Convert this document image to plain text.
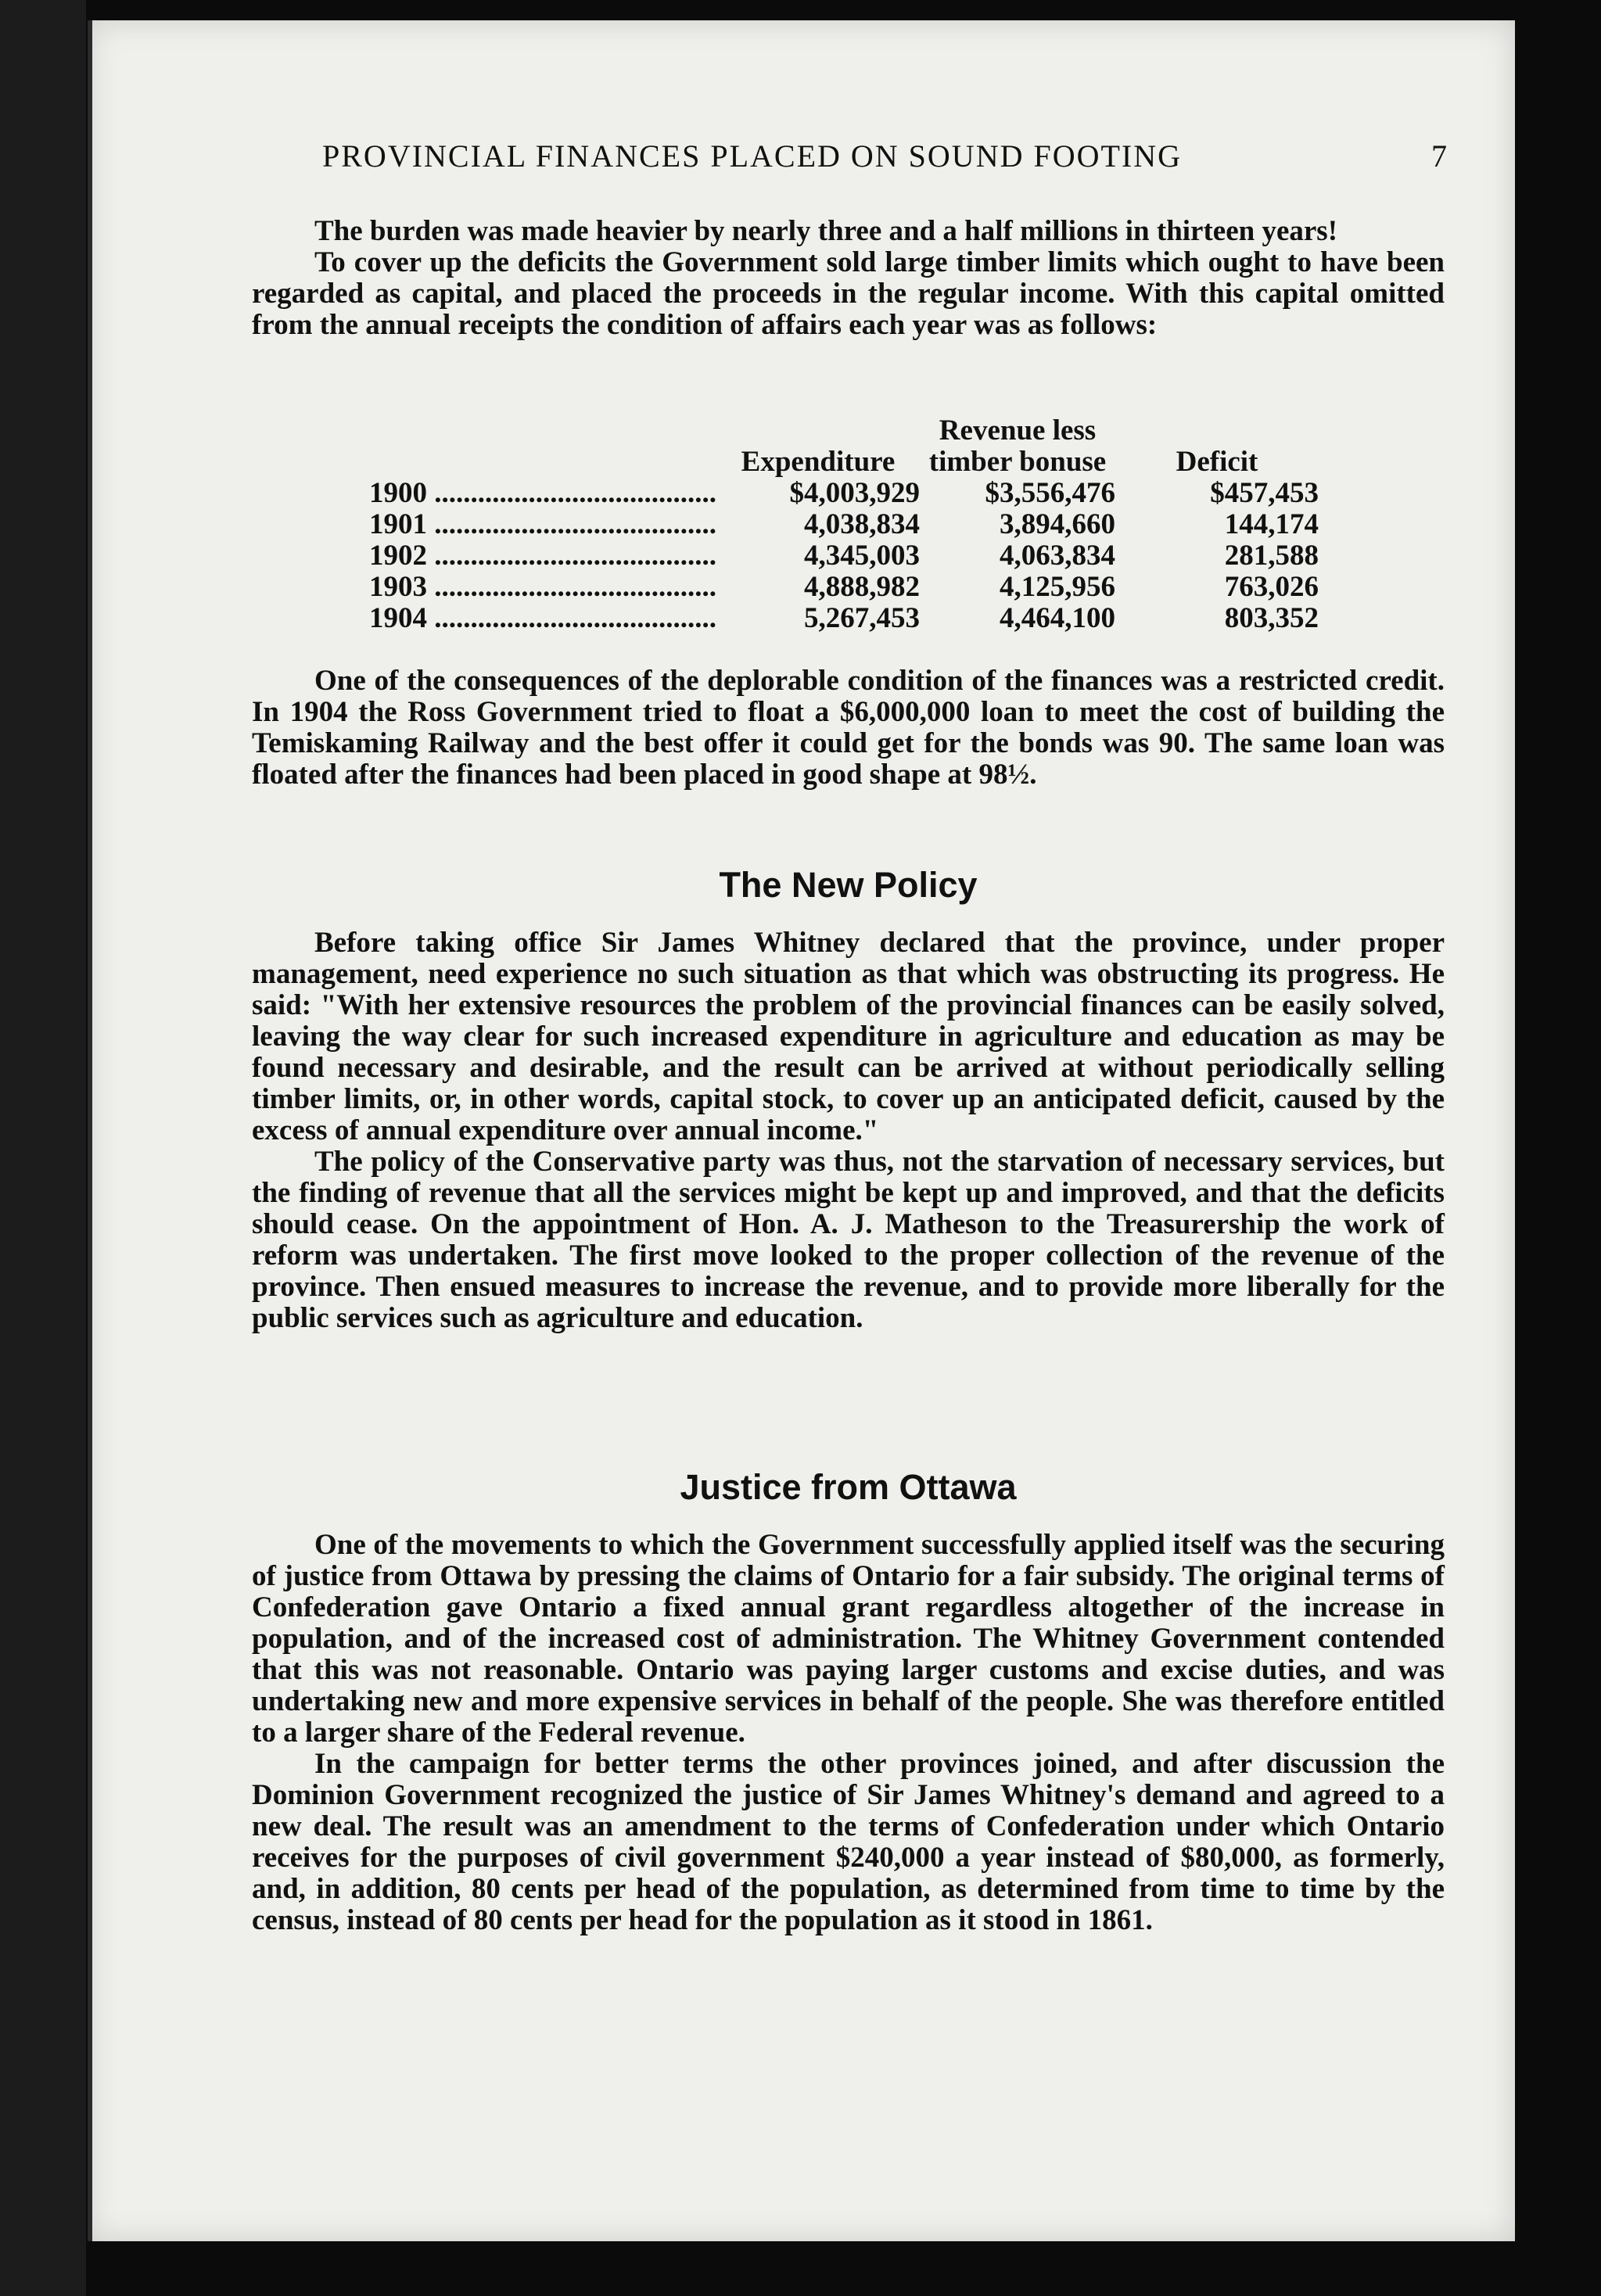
PROVINCIAL FINANCES PLACED ON SOUND FOOTING	7

The burden was made heavier by nearly three and a half millions in thirteen years!

To cover up the deficits the Government sold large timber limits which ought to have been regarded as capital, and placed the proceeds in the regular income. With this capital omitted from the annual receipts the condition of affairs each year was as follows:

	Expenditure	Revenue less timber bonuse	Deficit
1900 .....	$4,003,929	$3,556,476	$457,453
1901 .....	4,038,834	3,894,660	144,174
1902 .....	4,345,003	4,063,834	281,588
1903 .....	4,888,982	4,125,956	763,026
1904 .....	5,267,453	4,464,100	803,352

One of the consequences of the deplorable condition of the finances was a restricted credit. In 1904 the Ross Government tried to float a $6,000,000 loan to meet the cost of building the Temiskaming Railway and the best offer it could get for the bonds was 90. The same loan was floated after the finances had been placed in good shape at 98½.

The New Policy

Before taking office Sir James Whitney declared that the province, under proper management, need experience no such situation as that which was obstructing its progress. He said: "With her extensive resources the problem of the provincial finances can be easily solved, leaving the way clear for such increased expenditure in agriculture and education as may be found necessary and desirable, and the result can be arrived at without periodically selling timber limits, or, in other words, capital stock, to cover up an anticipated deficit, caused by the excess of annual expenditure over annual income."

The policy of the Conservative party was thus, not the starvation of necessary services, but the finding of revenue that all the services might be kept up and improved, and that the deficits should cease. On the appointment of Hon. A. J. Matheson to the Treasurership the work of reform was undertaken. The first move looked to the proper collection of the revenue of the province. Then ensued measures to increase the revenue, and to provide more liberally for the public services such as agriculture and education.

Justice from Ottawa

One of the movements to which the Government successfully applied itself was the securing of justice from Ottawa by pressing the claims of Ontario for a fair subsidy. The original terms of Confederation gave Ontario a fixed annual grant regardless altogether of the increase in population, and of the increased cost of administration. The Whitney Government contended that this was not reasonable. Ontario was paying larger customs and excise duties, and was undertaking new and more expensive services in behalf of the people. She was therefore entitled to a larger share of the Federal revenue.

In the campaign for better terms the other provinces joined, and after discussion the Dominion Government recognized the justice of Sir James Whitney's demand and agreed to a new deal. The result was an amendment to the terms of Confederation under which Ontario receives for the purposes of civil government $240,000 a year instead of $80,000, as formerly, and, in addition, 80 cents per head of the population, as determined from time to time by the census, instead of 80 cents per head for the population as it stood in 1861.
